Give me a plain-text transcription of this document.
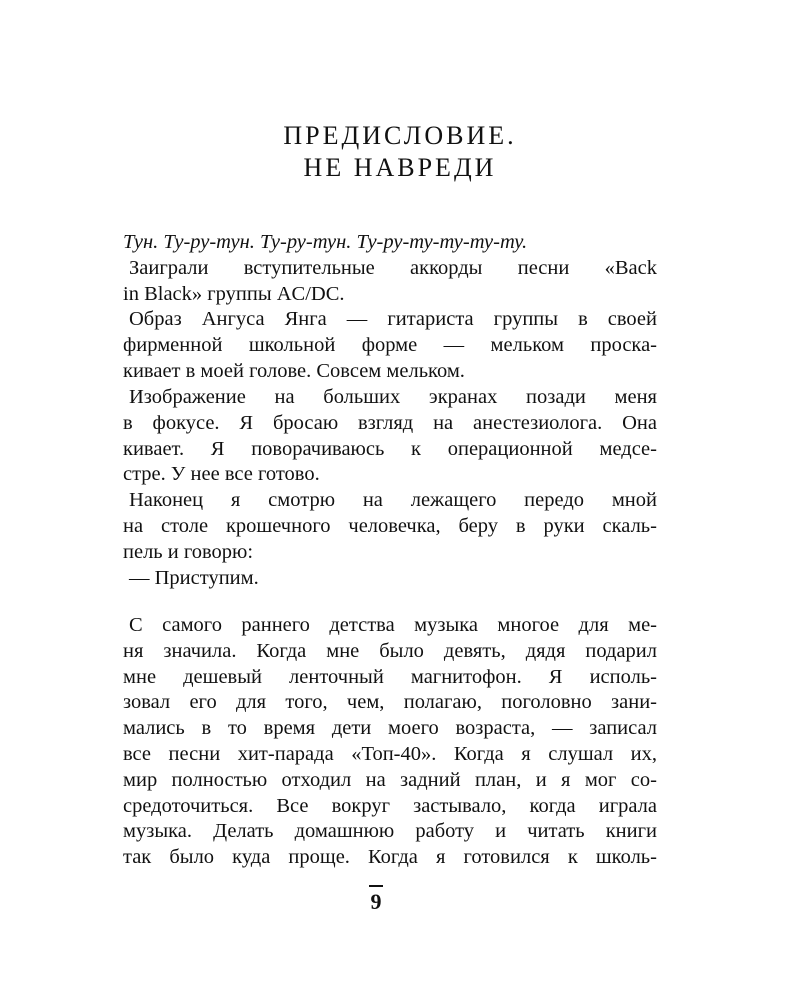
ПРЕДИСЛОВИЕ.
НЕ НАВРЕДИ
Тун. Ту-ру-тун. Ту-ру-тун. Ту-ру-ту-ту-ту-ту.
Заиграли вступительные аккорды песни «Back
in Black» группы AC/DC.
Образ Ангуса Янга — гитариста группы в своей
фирменной школьной форме — мельком проска-
кивает в моей голове. Совсем мельком.
Изображение на больших экранах позади меня
в фокусе. Я бросаю взгляд на анестезиолога. Она
кивает. Я поворачиваюсь к операционной медсе-
стре. У нее все готово.
Наконец я смотрю на лежащего передо мной
на столе крошечного человечка, беру в руки скаль-
пель и говорю:
— Приступим.
С самого раннего детства музыка многое для ме-
ня значила. Когда мне было девять, дядя подарил
мне дешевый ленточный магнитофон. Я исполь-
зовал его для того, чем, полагаю, поголовно зани-
мались в то время дети моего возраста, — записал
все песни хит-парада «Топ-40». Когда я слушал их,
мир полностью отходил на задний план, и я мог со-
средоточиться. Все вокруг застывало, когда играла
музыка. Делать домашнюю работу и читать книги
так было куда проще. Когда я готовился к школь-
9
